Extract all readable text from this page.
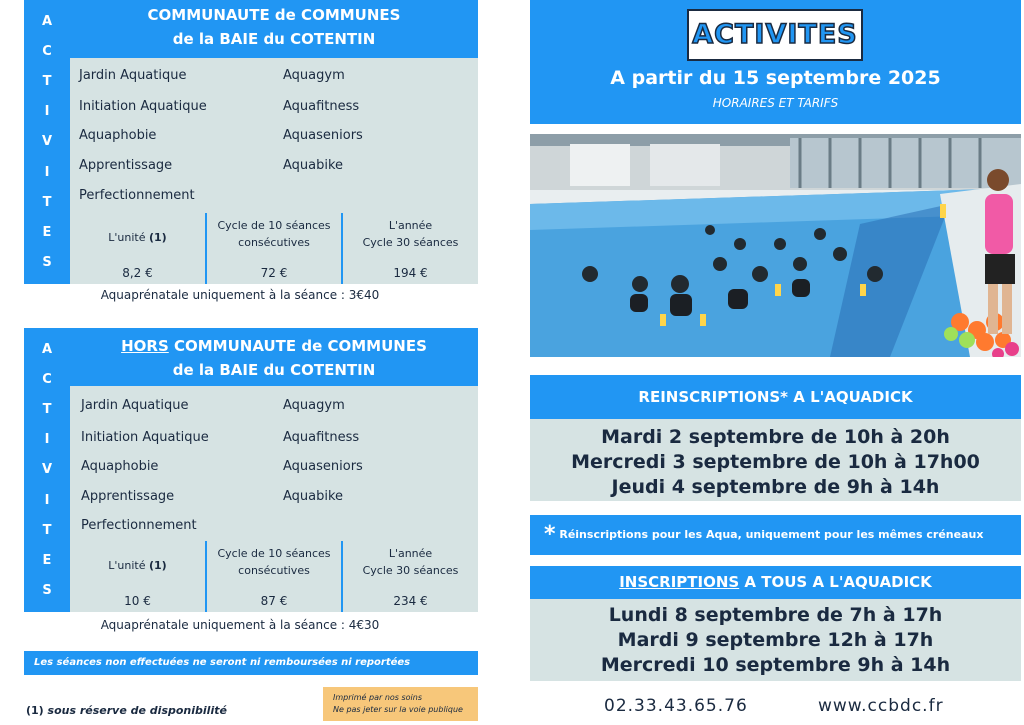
A
C
T
I
V
I
T
E
S
COMMUNAUTE de COMMUNES
de la BAIE du COTENTIN
Jardin Aquatique
Initiation Aquatique
Aquaphobie
Apprentissage
Perfectionnement
Aquagym
Aquafitness
Aquaseniors
Aquabike
L'unité (1)
8,2 €
Cycle de 10 séances
consécutives
72 €
L'année
Cycle 30 séances
194 €
Aquaprénatale uniquement à la séance : 3€40
A
C
T
I
V
I
T
E
S
HORS COMMUNAUTE de COMMUNES
de la BAIE du COTENTIN
Jardin Aquatique
Initiation Aquatique
Aquaphobie
Apprentissage
Perfectionnement
Aquagym
Aquafitness
Aquaseniors
Aquabike
L'unité (1)
10 €
Cycle de 10 séances
consécutives
87 €
L'année
Cycle 30 séances
234 €
Aquaprénatale uniquement à la séance : 4€30
Les séances non effectuées ne seront ni remboursées ni reportées
(1) sous réserve de disponibilité
Imprimé par nos soins
Ne pas jeter sur la voie publique
ACTIVITES
A partir du 15 septembre 2025
HORAIRES ET TARIFS
REINSCRIPTIONS* A L'AQUADICK
Mardi 2 septembre de 10h à 20h
Mercredi 3 septembre de 10h à 17h00
Jeudi 4 septembre de 9h à 14h
* Réinscriptions pour les Aqua, uniquement pour les mêmes créneaux
INSCRIPTIONS A TOUS A L'AQUADICK
Lundi 8 septembre de 7h à 17h
Mardi 9 septembre 12h à 17h
Mercredi 10 septembre 9h à 14h
02.33.43.65.76	www.ccbdc.fr
